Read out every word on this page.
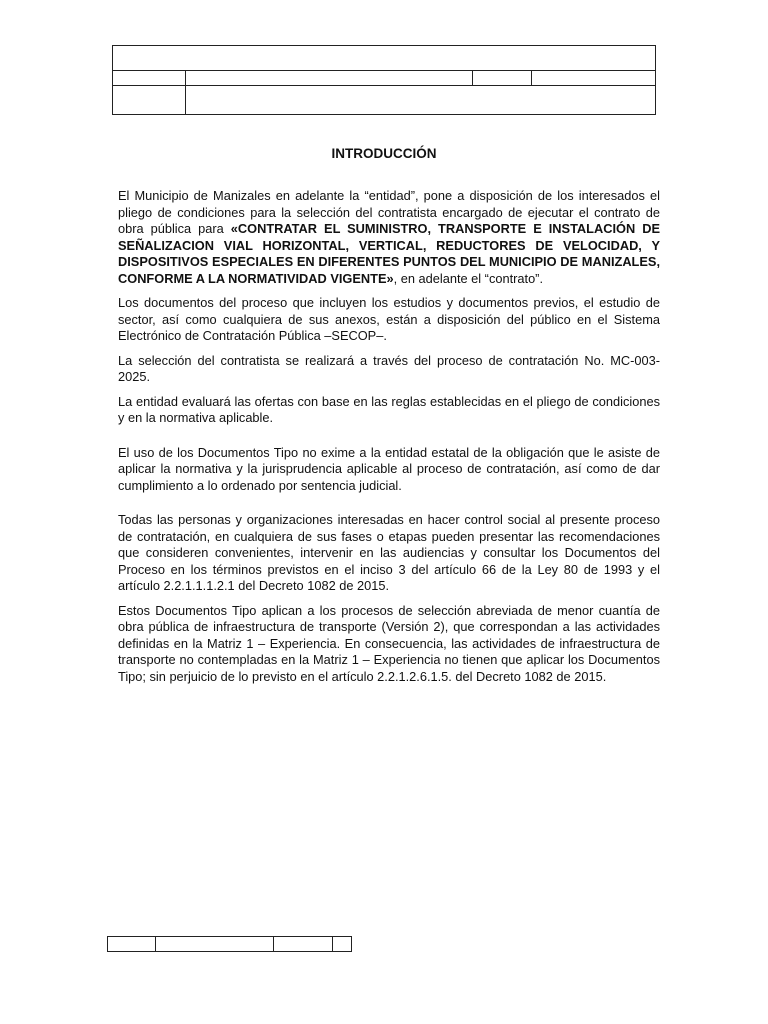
INTRODUCCIÓN

El Municipio de Manizales en adelante la “entidad”, pone a disposición de los interesados el pliego de condiciones para la selección del contratista encargado de ejecutar el contrato de obra pública para «CONTRATAR EL SUMINISTRO, TRANSPORTE E INSTALACIÓN DE SEÑALIZACION VIAL HORIZONTAL, VERTICAL, REDUCTORES DE VELOCIDAD, Y DISPOSITIVOS ESPECIALES EN DIFERENTES PUNTOS DEL MUNICIPIO DE MANIZALES, CONFORME A LA NORMATIVIDAD VIGENTE», en adelante el “contrato”.

Los documentos del proceso que incluyen los estudios y documentos previos, el estudio de sector, así como cualquiera de sus anexos, están a disposición del público en el Sistema Electrónico de Contratación Pública –SECOP–.

La selección del contratista se realizará a través del proceso de contratación No. MC-003-2025.

La entidad evaluará las ofertas con base en las reglas establecidas en el pliego de condiciones y en la normativa aplicable.

El uso de los Documentos Tipo no exime a la entidad estatal de la obligación que le asiste de aplicar la normativa y la jurisprudencia aplicable al proceso de contratación, así como de dar cumplimiento a lo ordenado por sentencia judicial.

Todas las personas y organizaciones interesadas en hacer control social al presente proceso de contratación, en cualquiera de sus fases o etapas pueden presentar las recomendaciones que consideren convenientes, intervenir en las audiencias y consultar los Documentos del Proceso en los términos previstos en el inciso 3 del artículo 66 de la Ley 80 de 1993 y el artículo 2.2.1.1.1.2.1 del Decreto 1082 de 2015.

Estos Documentos Tipo aplican a los procesos de selección abreviada de menor cuantía de obra pública de infraestructura de transporte (Versión 2), que correspondan a las actividades definidas en la Matriz 1 – Experiencia. En consecuencia, las actividades de infraestructura de transporte no contempladas en la Matriz 1 – Experiencia no tienen que aplicar los Documentos Tipo; sin perjuicio de lo previsto en el artículo 2.2.1.2.6.1.5. del Decreto 1082 de 2015.
